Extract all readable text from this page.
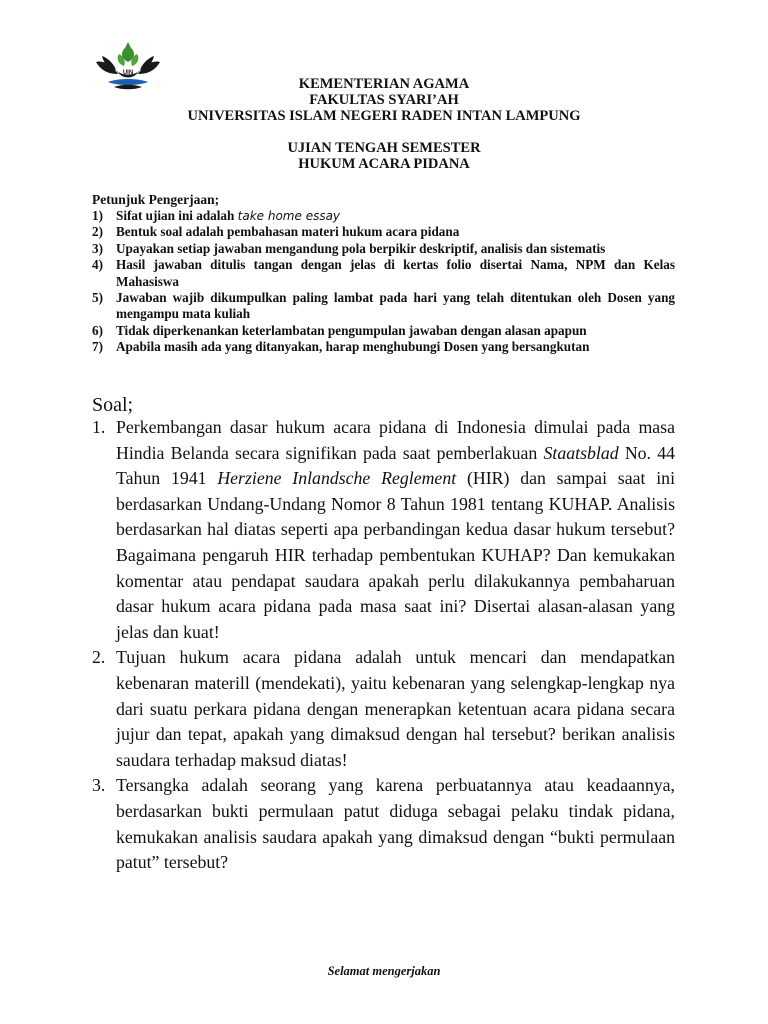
UIN
KEMENTERIAN AGAMA
FAKULTAS SYARI’AH
UNIVERSITAS ISLAM NEGERI RADEN INTAN LAMPUNG
UJIAN TENGAH SEMESTER
HUKUM ACARA PIDANA
Petunjuk Pengerjaan;
1) Sifat ujian ini adalah take home essay
2) Bentuk soal adalah pembahasan materi hukum acara pidana
3) Upayakan setiap jawaban mengandung pola berpikir deskriptif, analisis dan sistematis
4) Hasil jawaban ditulis tangan dengan jelas di kertas folio disertai Nama, NPM dan Kelas Mahasiswa
5) Jawaban wajib dikumpulkan paling lambat pada hari yang telah ditentukan oleh Dosen yang mengampu mata kuliah
6) Tidak diperkenankan keterlambatan pengumpulan jawaban dengan alasan apapun
7) Apabila masih ada yang ditanyakan, harap menghubungi Dosen yang bersangkutan
Soal;
1. Perkembangan dasar hukum acara pidana di Indonesia dimulai pada masa Hindia Belanda secara signifikan pada saat pemberlakuan Staatsblad No. 44 Tahun 1941 Herziene Inlandsche Reglement (HIR) dan sampai saat ini berdasarkan Undang-Undang Nomor 8 Tahun 1981 tentang KUHAP. Analisis berdasarkan hal diatas seperti apa perbandingan kedua dasar hukum tersebut? Bagaimana pengaruh HIR terhadap pembentukan KUHAP? Dan kemukakan komentar atau pendapat saudara apakah perlu dilakukannya pembaharuan dasar hukum acara pidana pada masa saat ini? Disertai alasan-alasan yang jelas dan kuat!
2. Tujuan hukum acara pidana adalah untuk mencari dan mendapatkan kebenaran materill (mendekati), yaitu kebenaran yang selengkap-lengkap nya dari suatu perkara pidana dengan menerapkan ketentuan acara pidana secara jujur dan tepat, apakah yang dimaksud dengan hal tersebut? berikan analisis saudara terhadap maksud diatas!
3. Tersangka adalah seorang yang karena perbuatannya atau keadaannya, berdasarkan bukti permulaan patut diduga sebagai pelaku tindak pidana, kemukakan analisis saudara apakah yang dimaksud dengan “bukti permulaan patut” tersebut?
Selamat mengerjakan
